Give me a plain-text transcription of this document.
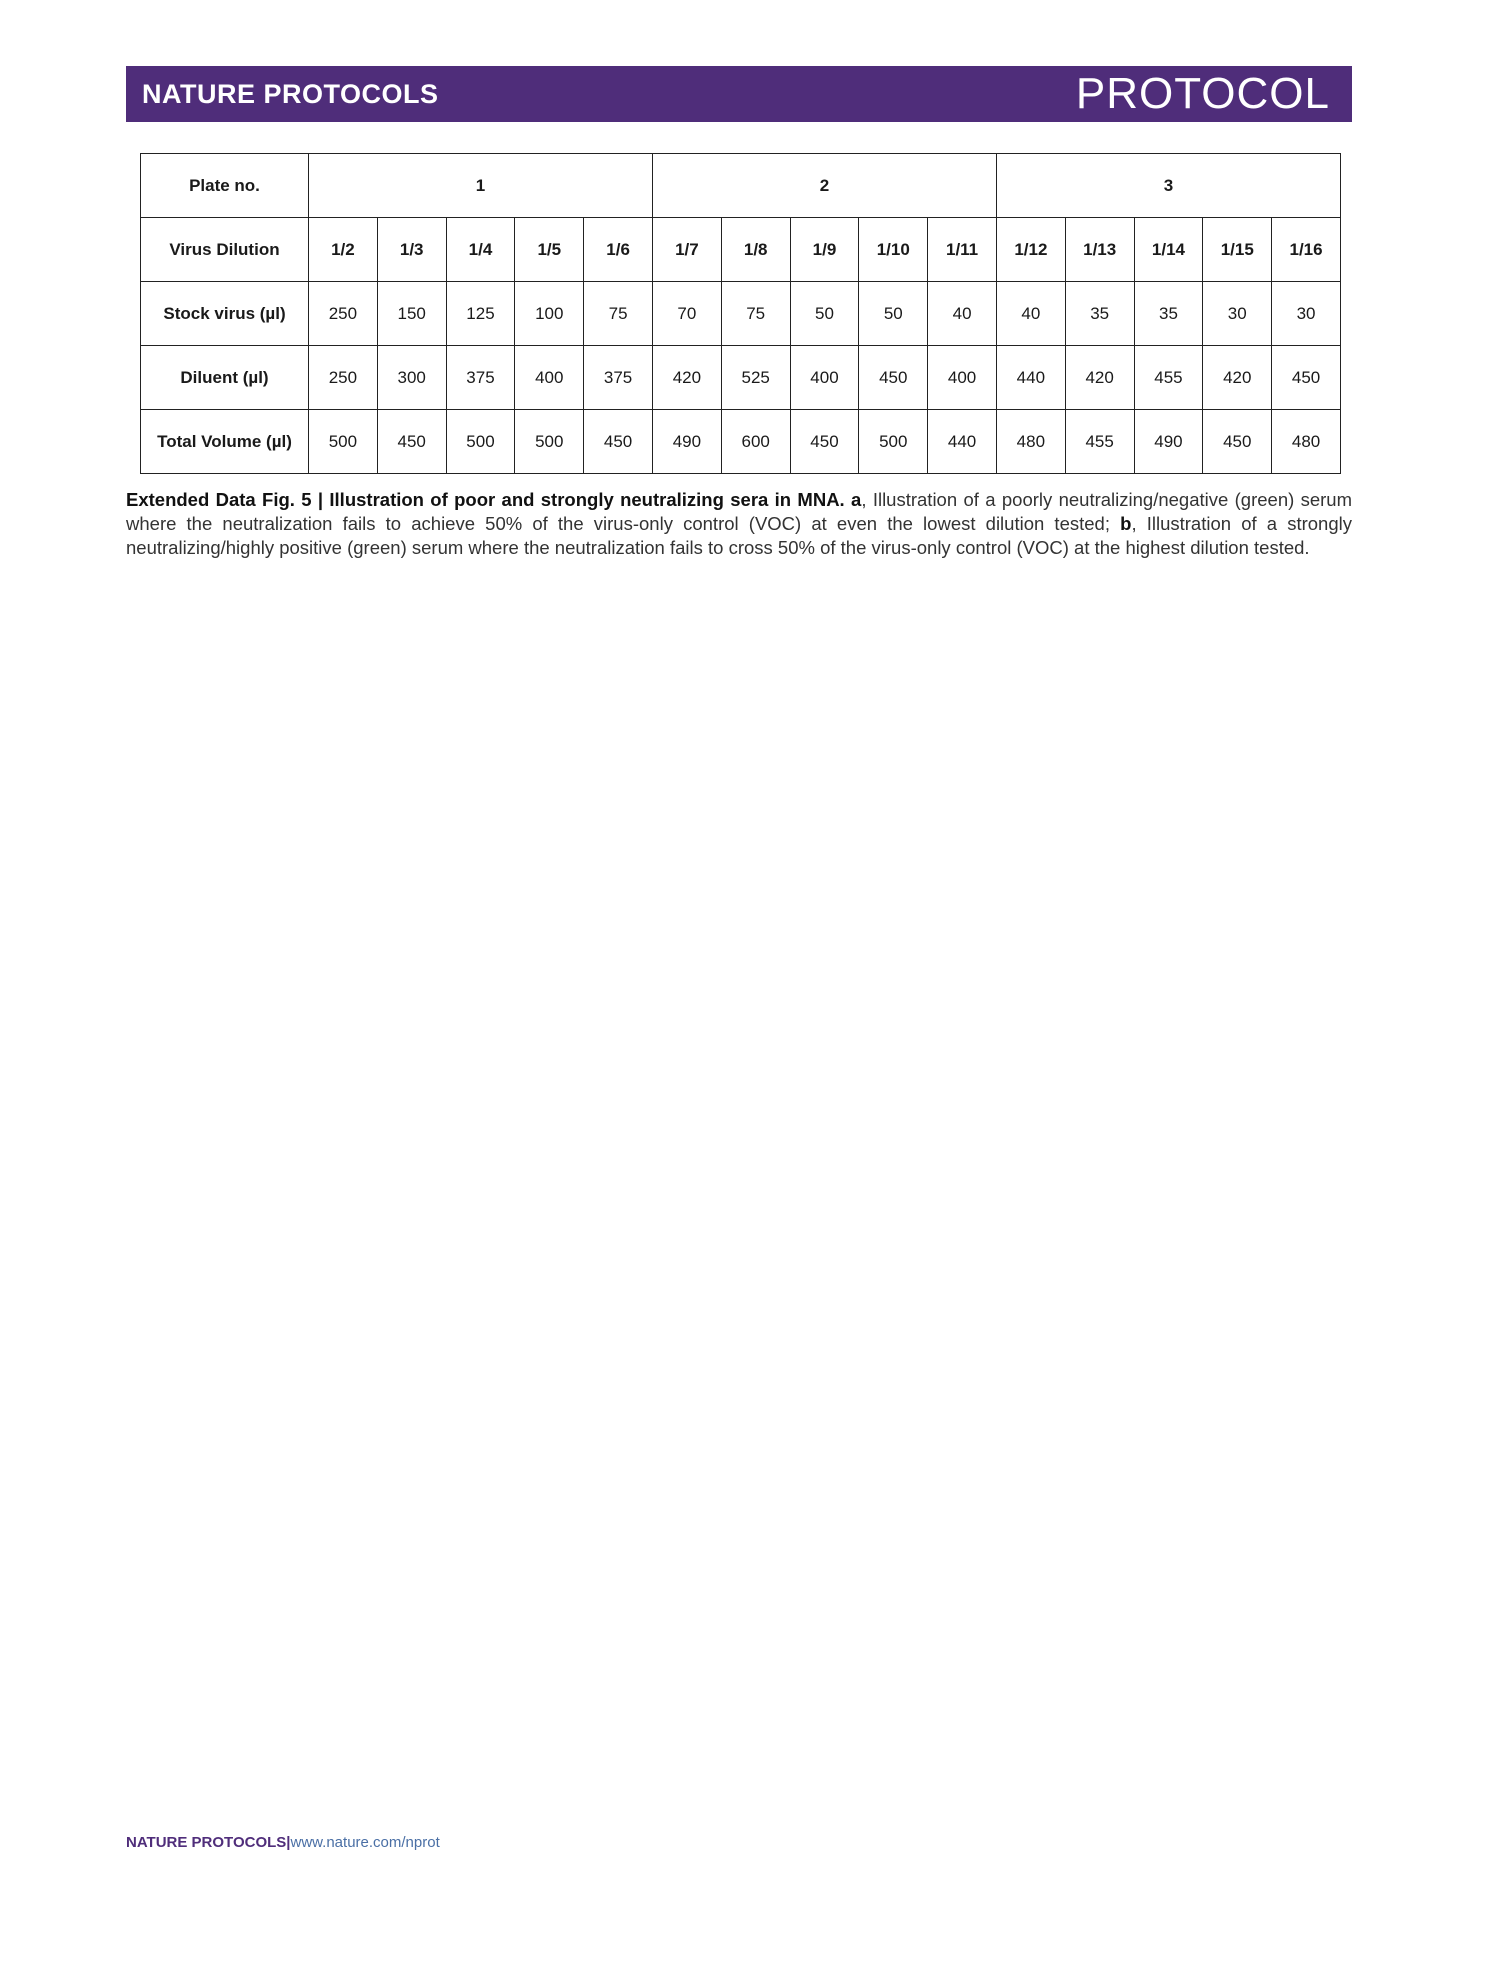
NATURE PROTOCOLS	PROTOCOL
Plate no.	1					2					3				
Virus Dilution	1/2	1/3	1/4	1/5	1/6	1/7	1/8	1/9	1/10	1/11	1/12	1/13	1/14	1/15	1/16
Stock virus (µl)	250	150	125	100	75	70	75	50	50	40	40	35	35	30	30
Diluent (µl)	250	300	375	400	375	420	525	400	450	400	440	420	455	420	450
Total Volume (µl)	500	450	500	500	450	490	600	450	500	440	480	455	490	450	480
Extended Data Fig. 5 | Illustration of poor and strongly neutralizing sera in MNA. a, Illustration of a poorly neutralizing/negative (green) serum where the neutralization fails to achieve 50% of the virus-only control (VOC) at even the lowest dilution tested; b, Illustration of a strongly neutralizing/highly positive (green) serum where the neutralization fails to cross 50% of the virus-only control (VOC) at the highest dilution tested.
NATURE PROTOCOLS|www.nature.com/nprot
